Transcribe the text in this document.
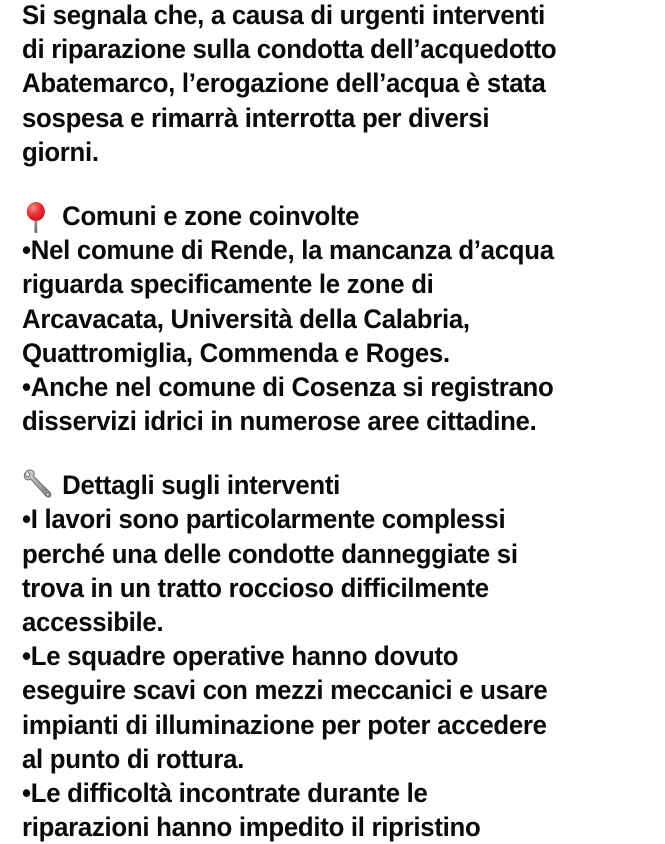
Si segnala che, a causa di urgenti interventi
di riparazione sulla condotta dell’acquedotto
Abatemarco, l’erogazione dell’acqua è stata
sospesa e rimarrà interrotta per diversi
giorni.
Comuni e zone coinvolte
•Nel comune di Rende, la mancanza d’acqua
riguarda specificamente le zone di
Arcavacata, Università della Calabria,
Quattromiglia, Commenda e Roges.
•Anche nel comune di Cosenza si registrano
disservizi idrici in numerose aree cittadine.
Dettagli sugli interventi
•I lavori sono particolarmente complessi
perché una delle condotte danneggiate si
trova in un tratto roccioso difficilmente
accessibile.
•Le squadre operative hanno dovuto
eseguire scavi con mezzi meccanici e usare
impianti di illuminazione per poter accedere
al punto di rottura.
•Le difficoltà incontrate durante le
riparazioni hanno impedito il ripristino
